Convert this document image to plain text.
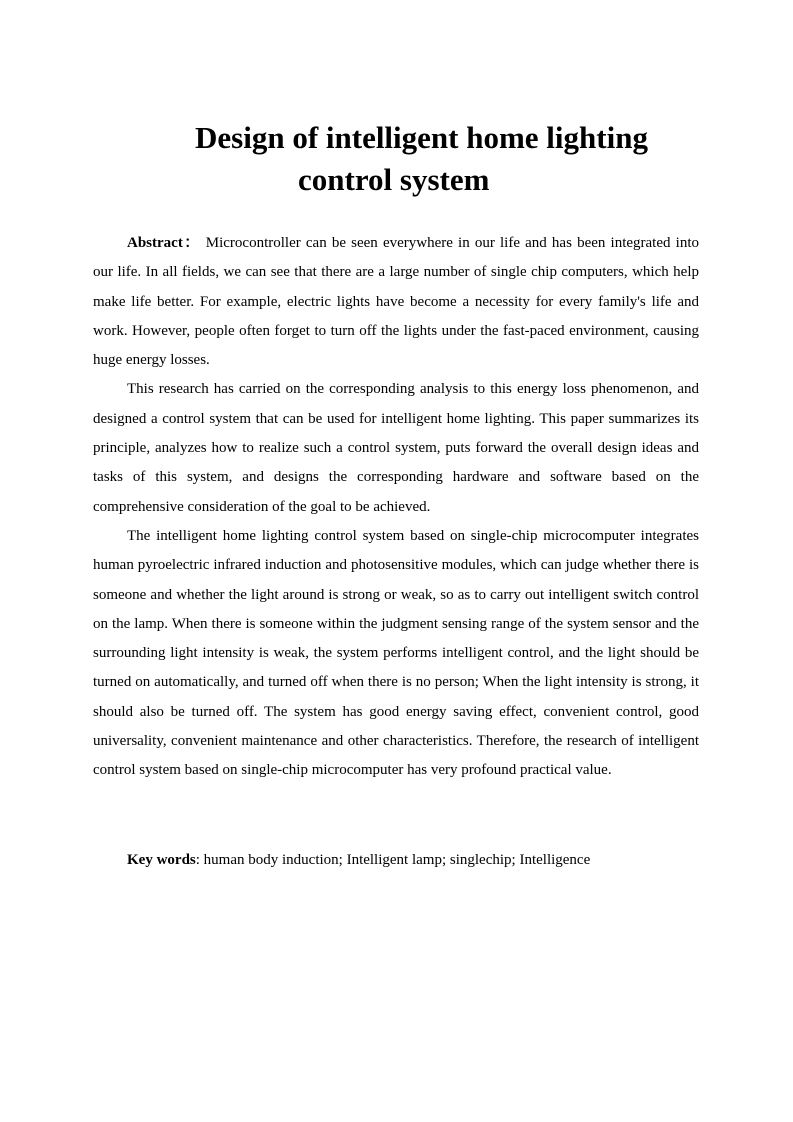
Design of intelligent home lighting
control system

Abstract： Microcontroller can be seen everywhere in our life and has been integrated into our life. In all fields, we can see that there are a large number of single chip computers, which help make life better. For example, electric lights have become a necessity for every family's life and work. However, people often forget to turn off the lights under the fast-paced environment, causing huge energy losses.

This research has carried on the corresponding analysis to this energy loss phenomenon, and designed a control system that can be used for intelligent home lighting. This paper summarizes its principle, analyzes how to realize such a control system, puts forward the overall design ideas and tasks of this system, and designs the corresponding hardware and software based on the comprehensive consideration of the goal to be achieved.

The intelligent home lighting control system based on single-chip microcomputer integrates human pyroelectric infrared induction and photosensitive modules, which can judge whether there is someone and whether the light around is strong or weak, so as to carry out intelligent switch control on the lamp. When there is someone within the judgment sensing range of the system sensor and the surrounding light intensity is weak, the system performs intelligent control, and the light should be turned on automatically, and turned off when there is no person; When the light intensity is strong, it should also be turned off. The system has good energy saving effect, convenient control, good universality, convenient maintenance and other characteristics. Therefore, the research of intelligent control system based on single-chip microcomputer has very profound practical value.

Key words: human body induction; Intelligent lamp; singlechip; Intelligence
